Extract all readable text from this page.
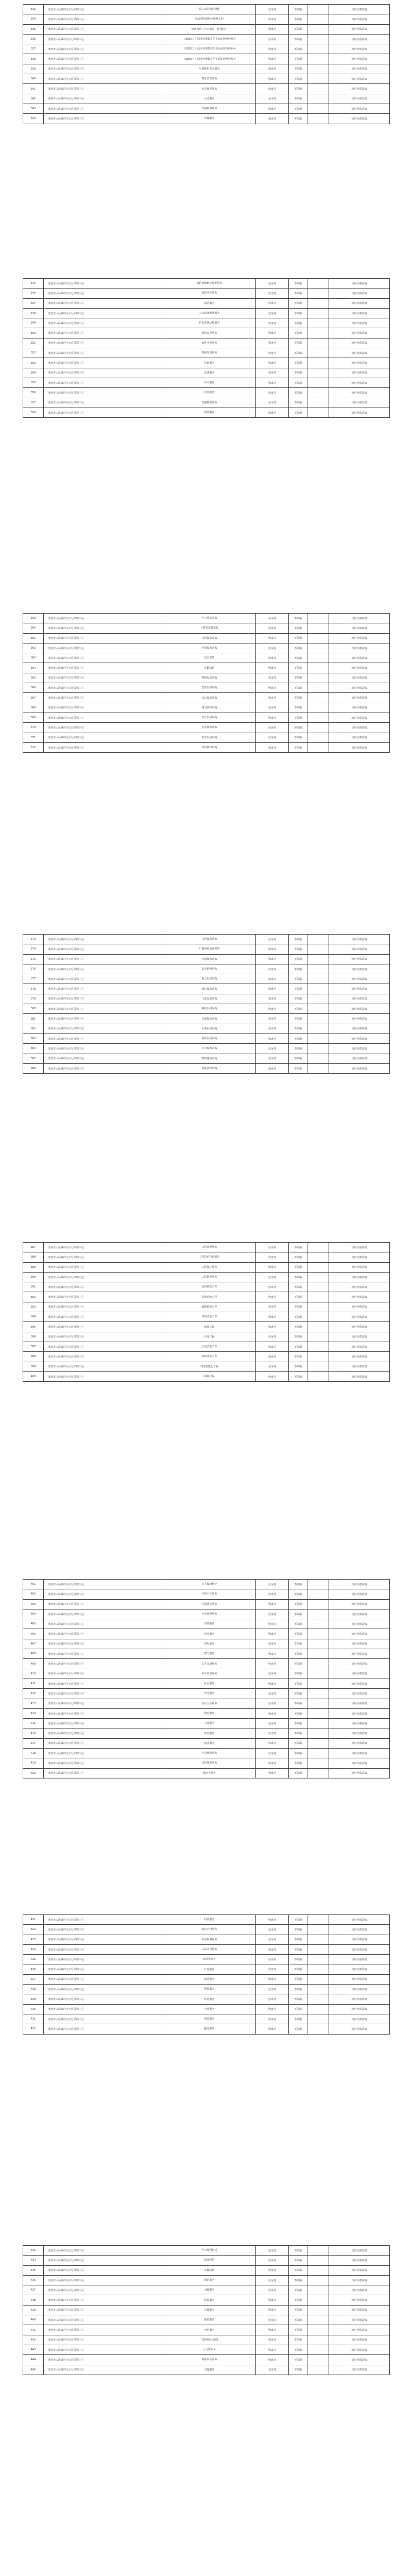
333	济南市人民政府办公厅采购中心	职工食堂改造设计	张家村	不限额	-	政府分散采购
334	济南市人民政府办公厅采购中心	综合楼屋面防水维修工程	张家村	不限额	-	政府分散采购
335	济南市人民政府办公厅采购中心	设备采购（办公家具、计算机）	张家村	不限额	-	政府分散采购
336	济南市人民政府办公厅采购中心	（2800万）城市管理数字化平台运营维护服务	张家村	不限额	-	政府分散采购
337	济南市人民政府办公厅采购中心	（2800万）城市管理数字化平台运营维护服务	张家村	不限额	-	政府分散采购
338	济南市人民政府办公厅采购中心	（2800万）城市管理数字化平台运营维护服务	张家村	不限额	-	政府分散采购
339	济南市人民政府办公厅采购中心	电梯维护保养服务	张家村	不限额	-	政府分散采购
340	济南市人民政府办公厅采购中心	物业管理服务	张家村	不限额	-	政府分散采购
341	济南市人民政府办公厅采购中心	安全保卫服务	张家村	不限额	-	政府分散采购
342	济南市人民政府办公厅采购中心	会议服务	张家村	不限额	-	政府分散采购
343	济南市人民政府办公厅采购中心	车辆维修服务	张家村	不限额	-	政府分散采购
344	济南市人民政府办公厅采购中心	印刷服务	张家村	不限额	-	政府分散采购
345	济南市人民政府办公厅采购中心	消防设施维护保养服务	张家村	不限额	-	政府分散采购
346	济南市人民政府办公厅采购中心	绿化养护服务	张家村	不限额	-	政府分散采购
347	济南市人民政府办公厅采购中心	保洁服务	张家村	不限额	-	政府分散采购
348	济南市人民政府办公厅采购中心	办公设备维修服务	张家村	不限额	-	政府分散采购
349	济南市人民政府办公厅采购中心	信息系统运维服务	张家村	不限额	-	政府分散采购
350	济南市人民政府办公厅采购中心	网络安全服务	张家村	不限额	-	政府分散采购
351	济南市人民政府办公厅采购中心	软件开发服务	张家村	不限额	-	政府分散采购
352	济南市人民政府办公厅采购中心	数据处理服务	张家村	不限额	-	政府分散采购
353	济南市人民政府办公厅采购中心	咨询服务	张家村	不限额	-	政府分散采购
354	济南市人民政府办公厅采购中心	法律服务	张家村	不限额	-	政府分散采购
355	济南市人民政府办公厅采购中心	审计服务	张家村	不限额	-	政府分散采购
356	济南市人民政府办公厅采购中心	培训服务	张家村	不限额	-	政府分散采购
357	济南市人民政府办公厅采购中心	档案整理服务	张家村	不限额	-	政府分散采购
358	济南市人民政府办公厅采购中心	餐饮服务	张家村	不限额	-	政府分散采购
359	济南市人民政府办公厅采购中心	办公用品采购	张家村	不限额	-	政府分散采购
360	济南市人民政府办公厅采购中心	计算机设备采购	张家村	不限额	-	政府分散采购
361	济南市人民政府办公厅采购中心	打印设备采购	张家村	不限额	-	政府分散采购
362	济南市人民政府办公厅采购中心	空调设备采购	张家村	不限额	-	政府分散采购
363	济南市人民政府办公厅采购中心	家具采购	张家村	不限额	-	政府分散采购
364	济南市人民政府办公厅采购中心	车辆采购	张家村	不限额	-	政府分散采购
365	济南市人民政府办公厅采购中心	网络设备采购	张家村	不限额	-	政府分散采购
366	济南市人民政府办公厅采购中心	安防设备采购	张家村	不限额	-	政府分散采购
367	济南市人民政府办公厅采购中心	会议设备采购	张家村	不限额	-	政府分散采购
368	济南市人民政府办公厅采购中心	图书资料采购	张家村	不限额	-	政府分散采购
369	济南市人民政府办公厅采购中心	医疗设备采购	张家村	不限额	-	政府分散采购
370	济南市人民政府办公厅采购中心	实验设备采购	张家村	不限额	-	政府分散采购
371	济南市人民政府办公厅采购中心	教学设备采购	张家村	不限额	-	政府分散采购
372	济南市人民政府办公厅采购中心	体育器材采购	张家村	不限额	-	政府分散采购
373	济南市人民政府办公厅采购中心	文化设备采购	张家村	不限额	-	政府分散采购
374	济南市人民政府办公厅采购中心	广播电视设备采购	张家村	不限额	-	政府分散采购
375	济南市人民政府办公厅采购中心	环保设备采购	张家村	不限额	-	政府分散采购
376	济南市人民政府办公厅采购中心	农业机械采购	张家村	不限额	-	政府分散采购
377	济南市人民政府办公厅采购中心	电力设备采购	张家村	不限额	-	政府分散采购
378	济南市人民政府办公厅采购中心	通信设备采购	张家村	不限额	-	政府分散采购
379	济南市人民政府办公厅采购中心	气象设备采购	张家村	不限额	-	政府分散采购
380	济南市人民政府办公厅采购中心	测绘设备采购	张家村	不限额	-	政府分散采购
381	济南市人民政府办公厅采购中心	交通设备采购	张家村	不限额	-	政府分散采购
382	济南市人民政府办公厅采购中心	水利设备采购	张家村	不限额	-	政府分散采购
383	济南市人民政府办公厅采购中心	消防设备采购	张家村	不限额	-	政府分散采购
384	济南市人民政府办公厅采购中心	应急设备采购	张家村	不限额	-	政府分散采购
385	济南市人民政府办公厅采购中心	物资储备采购	张家村	不限额	-	政府分散采购
386	济南市人民政府办公厅采购中心	其他货物采购	张家村	不限额	-	政府分散采购
387	济南市人民政府办公厅采购中心	工程监理服务	张家村	不限额	-	政府分散采购
388	济南市人民政府办公厅采购中心	工程造价咨询服务	张家村	不限额	-	政府分散采购
389	济南市人民政府办公厅采购中心	工程设计服务	张家村	不限额	-	政府分散采购
390	济南市人民政府办公厅采购中心	工程勘察服务	张家村	不限额	-	政府分散采购
391	济南市人民政府办公厅采购中心	房屋修缮工程	张家村	不限额	-	政府分散采购
392	济南市人民政府办公厅采购中心	装饰装修工程	张家村	不限额	-	政府分散采购
393	济南市人民政府办公厅采购中心	道路维修工程	张家村	不限额	-	政府分散采购
394	济南市人民政府办公厅采购中心	管网改造工程	张家村	不限额	-	政府分散采购
395	济南市人民政府办公厅采购中心	绿化工程	张家村	不限额	-	政府分散采购
396	济南市人民政府办公厅采购中心	亮化工程	张家村	不限额	-	政府分散采购
397	济南市人民政府办公厅采购中心	水电安装工程	张家村	不限额	-	政府分散采购
398	济南市人民政府办公厅采购中心	消防改造工程	张家村	不限额	-	政府分散采购
399	济南市人民政府办公厅采购中心	弱电智能化工程	张家村	不限额	-	政府分散采购
400	济南市人民政府办公厅采购中心	拆除工程	张家村	不限额	-	政府分散采购
401	济南市人民政府办公厅采购中心	公共设施维护	张家村	不限额	-	政府分散采购
402	济南市人民政府办公厅采购中心	环境卫生服务	张家村	不限额	-	政府分散采购
403	济南市人民政府办公厅采购中心	垃圾清运服务	张家村	不限额	-	政府分散采购
404	济南市人民政府办公厅采购中心	污水处理服务	张家村	不限额	-	政府分散采购
405	济南市人民政府办公厅采购中心	供热服务	张家村	不限额	-	政府分散采购
406	济南市人民政府办公厅采购中心	供水服务	张家村	不限额	-	政府分散采购
407	济南市人民政府办公厅采购中心	供电服务	张家村	不限额	-	政府分散采购
408	济南市人民政府办公厅采购中心	燃气服务	张家村	不限额	-	政府分散采购
409	济南市人民政府办公厅采购中心	公共交通服务	张家村	不限额	-	政府分散采购
410	济南市人民政府办公厅采购中心	停车管理服务	张家村	不限额	-	政府分散采购
411	济南市人民政府办公厅采购中心	社区服务	张家村	不限额	-	政府分散采购
412	济南市人民政府办公厅采购中心	养老服务	张家村	不限额	-	政府分散采购
413	济南市人民政府办公厅采购中心	医疗卫生服务	张家村	不限额	-	政府分散采购
414	济南市人民政府办公厅采购中心	教育服务	张家村	不限额	-	政府分散采购
415	济南市人民政府办公厅采购中心	文化服务	张家村	不限额	-	政府分散采购
416	济南市人民政府办公厅采购中心	体育服务	张家村	不限额	-	政府分散采购
417	济南市人民政府办公厅采购中心	就业服务	张家村	不限额	-	政府分散采购
418	济南市人民政府办公厅采购中心	社会保障服务	张家村	不限额	-	政府分散采购
419	济南市人民政府办公厅采购中心	法律援助服务	张家村	不限额	-	政府分散采购
420	济南市人民政府办公厅采购中心	残疾人服务	张家村	不限额	-	政府分散采购
421	济南市人民政府办公厅采购中心	科技服务	张家村	不限额	-	政府分散采购
422	济南市人民政府办公厅采购中心	知识产权服务	张家村	不限额	-	政府分散采购
423	济南市人民政府办公厅采购中心	检验检测服务	张家村	不限额	-	政府分散采购
424	济南市人民政府办公厅采购中心	认证认可服务	张家村	不限额	-	政府分散采购
425	济南市人民政府办公厅采购中心	标准化服务	张家村	不限额	-	政府分散采购
426	济南市人民政府办公厅采购中心	计量服务	张家村	不限额	-	政府分散采购
427	济南市人民政府办公厅采购中心	统计服务	张家村	不限额	-	政府分散采购
428	济南市人民政府办公厅采购中心	规划服务	张家村	不限额	-	政府分散采购
429	济南市人民政府办公厅采购中心	评估服务	张家村	不限额	-	政府分散采购
430	济南市人民政府办公厅采购中心	宣传服务	张家村	不限额	-	政府分散采购
431	济南市人民政府办公厅采购中心	展览服务	张家村	不限额	-	政府分散采购
432	济南市人民政府办公厅采购中心	翻译服务	张家村	不限额	-	政府分散采购
433	济南市人民政府办公厅采购中心	办公场所租赁	张家村	不限额	-	政府分散采购
434	济南市人民政府办公厅采购中心	设备租赁	张家村	不限额	-	政府分散采购
435	济南市人民政府办公厅采购中心	车辆租赁	张家村	不限额	-	政府分散采购
436	济南市人民政府办公厅采购中心	保险服务	张家村	不限额	-	政府分散采购
437	济南市人民政府办公厅采购中心	金融服务	张家村	不限额	-	政府分散采购
438	济南市人民政府办公厅采购中心	物流服务	张家村	不限额	-	政府分散采购
439	济南市人民政府办公厅采购中心	仓储服务	张家村	不限额	-	政府分散采购
440	济南市人民政府办公厅采购中心	邮政服务	张家村	不限额	-	政府分散采购
441	济南市人民政府办公厅采购中心	电信服务	张家村	不限额	-	政府分散采购
442	济南市人民政府办公厅采购中心	互联网接入服务	张家村	不限额	-	政府分散采购
443	济南市人民政府办公厅采购中心	云计算服务	张家村	不限额	-	政府分散采购
444	济南市人民政府办公厅采购中心	数据中心服务	张家村	不限额	-	政府分散采购
445	济南市人民政府办公厅采购中心	其他服务	张家村	不限额	-	政府分散采购
